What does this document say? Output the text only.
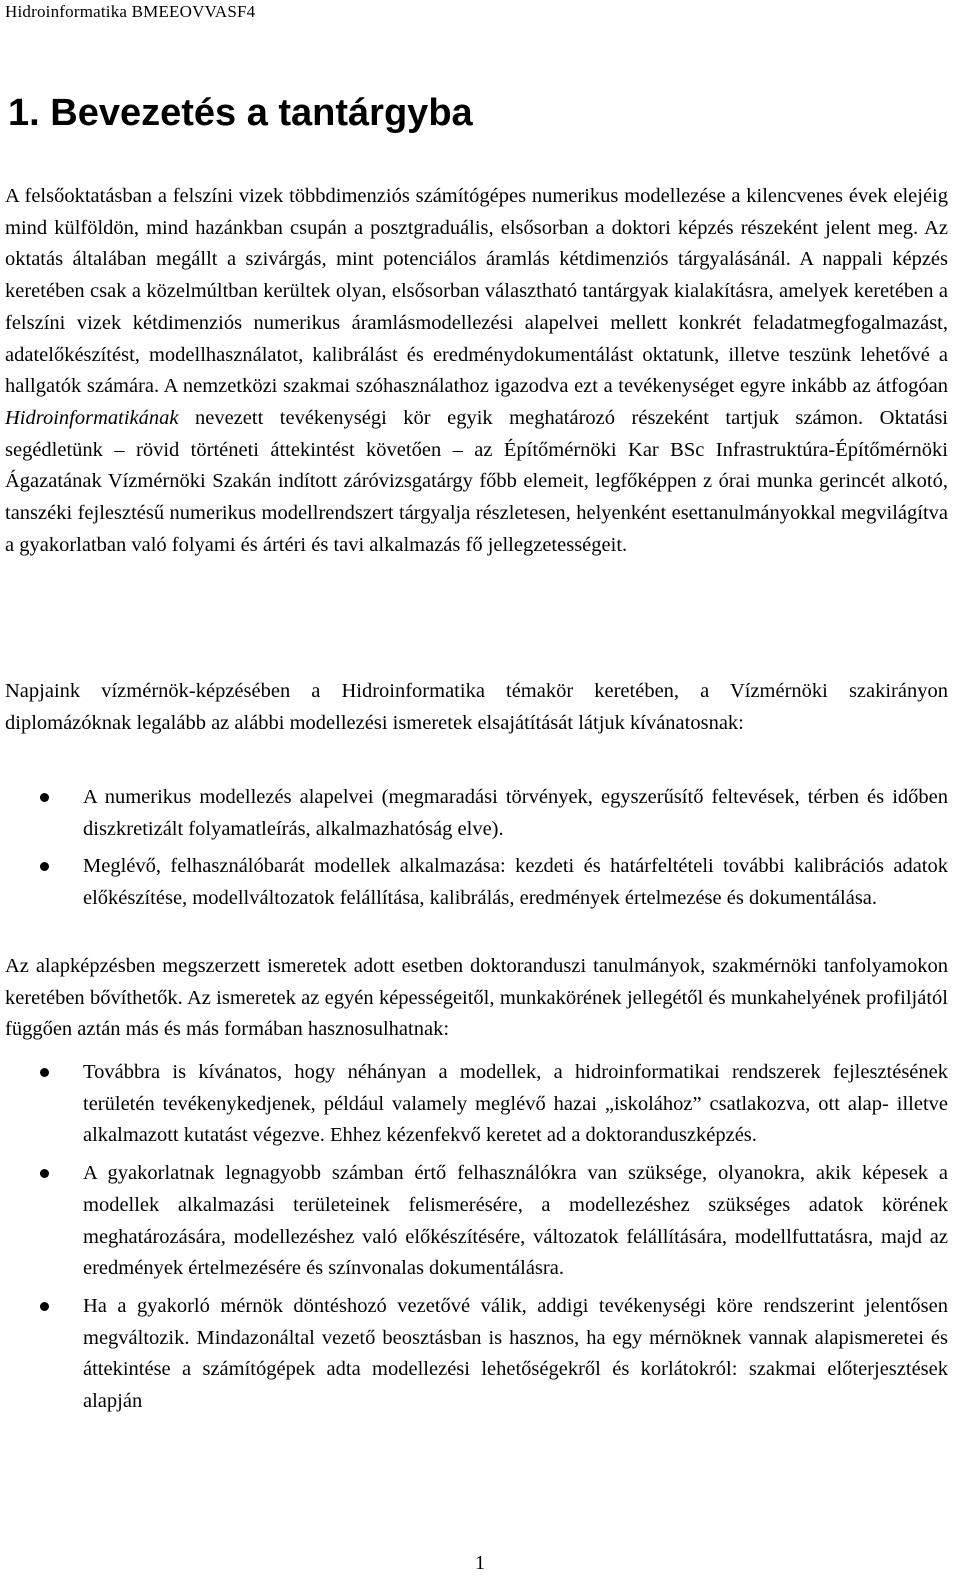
Hidroinformatika BMEEOVVASF4
1. Bevezetés a tantárgyba

A felsőoktatásban a felszíni vizek többdimenziós számítógépes numerikus modellezése a kilencvenes évek elejéig mind külföldön, mind hazánkban csupán a posztgraduális, elsősorban a doktori képzés részeként jelent meg. Az oktatás általában megállt a szivárgás, mint potenciálos áramlás kétdimenziós tárgyalásánál. A nappali képzés keretében csak a közelmúltban kerültek olyan, elsősorban választható tantárgyak kialakításra, amelyek keretében a felszíni vizek kétdimenziós numerikus áramlásmodellezési alapelvei mellett konkrét feladatmegfogalmazást, adatelőkészítést, modellhasználatot, kalibrálást és eredménydokumentálást oktatunk, illetve teszünk lehetővé a hallgatók számára. A nemzetközi szakmai szóhasználathoz igazodva ezt a tevékenységet egyre inkább az átfogóan Hidroinformatikának nevezett tevékenységi kör egyik meghatározó részeként tartjuk számon. Oktatási segédletünk – rövid történeti áttekintést követően – az Építőmérnöki Kar BSc Infrastruktúra-Építőmérnöki Ágazatának Vízmérnöki Szakán indított záróvizsgatárgy főbb elemeit, legfőképpen z órai munka gerincét alkotó, tanszéki fejlesztésű numerikus modellrendszert tárgyalja részletesen, helyenként esettanulmányokkal megvilágítva a gyakorlatban való folyami és ártéri és tavi alkalmazás fő jellegzetességeit.

Napjaink vízmérnök-képzésében a Hidroinformatika témakör keretében, a Vízmérnöki szakirányon diplomázóknak legalább az alábbi modellezési ismeretek elsajátítását látjuk kívánatosnak:

A numerikus modellezés alapelvei (megmaradási törvények, egyszerűsítő feltevések, térben és időben diszkretizált folyamatleírás, alkalmazhatóság elve).
Meglévő, felhasználóbarát modellek alkalmazása: kezdeti és határfeltételi további kalibrációs adatok előkészítése, modellváltozatok felállítása, kalibrálás, eredmények értelmezése és dokumentálása.

Az alapképzésben megszerzett ismeretek adott esetben doktoranduszi tanulmányok, szakmérnöki tanfolyamokon keretében bővíthetők. Az ismeretek az egyén képességeitől, munkakörének jellegétől és munkahelyének profiljától függően aztán más és más formában hasznosulhatnak:

Továbbra is kívánatos, hogy néhányan a modellek, a hidroinformatikai rendszerek fejlesztésének területén tevékenykedjenek, például valamely meglévő hazai „iskolához” csatlakozva, ott alap- illetve alkalmazott kutatást végezve. Ehhez kézenfekvő keretet ad a doktoranduszképzés.
A gyakorlatnak legnagyobb számban értő felhasználókra van szüksége, olyanokra, akik képesek a modellek alkalmazási területeinek felismerésére, a modellezéshez szükséges adatok körének meghatározására, modellezéshez való előkészítésére, változatok felállítására, modellfuttatásra, majd az eredmények értelmezésére és színvonalas dokumentálásra.
Ha a gyakorló mérnök döntéshozó vezetővé válik, addigi tevékenységi köre rendszerint jelentősen megváltozik. Mindazonáltal vezető beosztásban is hasznos, ha egy mérnöknek vannak alapismeretei és áttekintése a számítógépek adta modellezési lehetőségekről és korlátokról: szakmai előterjesztések alapján
1
